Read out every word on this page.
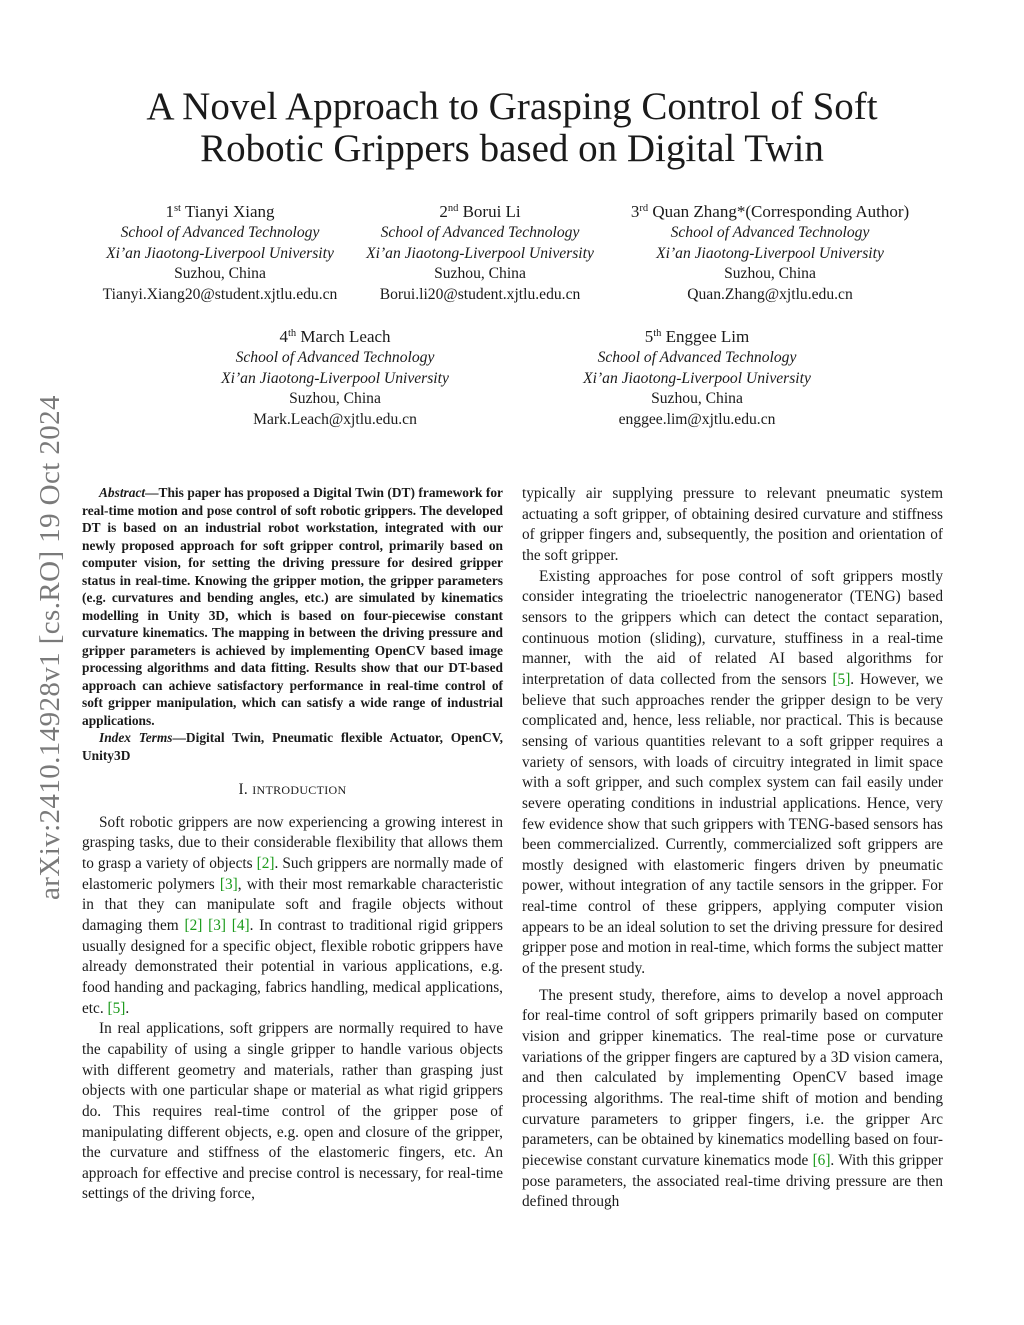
arXiv:2410.14928v1 [cs.RO] 19 Oct 2024
A Novel Approach to Grasping Control of Soft
Robotic Grippers based on Digital Twin
1st Tianyi Xiang
School of Advanced Technology
Xi’an Jiaotong-Liverpool University
Suzhou, China
Tianyi.Xiang20@student.xjtlu.edu.cn
2nd Borui Li
School of Advanced Technology
Xi’an Jiaotong-Liverpool University
Suzhou, China
Borui.li20@student.xjtlu.edu.cn
3rd Quan Zhang*(Corresponding Author)
School of Advanced Technology
Xi’an Jiaotong-Liverpool University
Suzhou, China
Quan.Zhang@xjtlu.edu.cn
4th March Leach
School of Advanced Technology
Xi’an Jiaotong-Liverpool University
Suzhou, China
Mark.Leach@xjtlu.edu.cn
5th Enggee Lim
School of Advanced Technology
Xi’an Jiaotong-Liverpool University
Suzhou, China
enggee.lim@xjtlu.edu.cn

Abstract—This paper has proposed a Digital Twin (DT) framework for real-time motion and pose control of soft robotic grippers. The developed DT is based on an industrial robot workstation, integrated with our newly proposed approach for soft gripper control, primarily based on computer vision, for setting the driving pressure for desired gripper status in real-time. Knowing the gripper motion, the gripper parameters (e.g. curvatures and bending angles, etc.) are simulated by kinematics modelling in Unity 3D, which is based on four-piecewise constant curvature kinematics. The mapping in between the driving pressure and gripper parameters is achieved by implementing OpenCV based image processing algorithms and data fitting. Results show that our DT-based approach can achieve satisfactory performance in real-time control of soft gripper manipulation, which can satisfy a wide range of industrial applications.

Index Terms—Digital Twin, Pneumatic flexible Actuator, OpenCV, Unity3D

I. INTRODUCTION

Soft robotic grippers are now experiencing a growing interest in grasping tasks, due to their considerable flexibility that allows them to grasp a variety of objects [2]. Such grippers are normally made of elastomeric polymers [3], with their most remarkable characteristic in that they can manipulate soft and fragile objects without damaging them [2] [3] [4]. In contrast to traditional rigid grippers usually designed for a specific object, flexible robotic grippers have already demonstrated their potential in various applications, e.g. food handing and packaging, fabrics handling, medical applications, etc. [5].

In real applications, soft grippers are normally required to have the capability of using a single gripper to handle various objects with different geometry and materials, rather than grasping just objects with one particular shape or material as what rigid grippers do. This requires real-time control of the gripper pose of manipulating different objects, e.g. open and closure of the gripper, the curvature and stiffness of the elastomeric fingers, etc. An approach for effective and precise control is necessary, for real-time settings of the driving force,

typically air supplying pressure to relevant pneumatic system actuating a soft gripper, of obtaining desired curvature and stiffness of gripper fingers and, subsequently, the position and orientation of the soft gripper.

Existing approaches for pose control of soft grippers mostly consider integrating the trioelectric nanogenerator (TENG) based sensors to the grippers which can detect the contact separation, continuous motion (sliding), curvature, stuffiness in a real-time manner, with the aid of related AI based algorithms for interpretation of data collected from the sensors [5]. However, we believe that such approaches render the gripper design to be very complicated and, hence, less reliable, nor practical. This is because sensing of various quantities relevant to a soft gripper requires a variety of sensors, with loads of circuitry integrated in limit space with a soft gripper, and such complex system can fail easily under severe operating conditions in industrial applications. Hence, very few evidence show that such grippers with TENG-based sensors has been commercialized. Currently, commercialized soft grippers are mostly designed with elastomeric fingers driven by pneumatic power, without integration of any tactile sensors in the gripper. For real-time control of these grippers, applying computer vision appears to be an ideal solution to set the driving pressure for desired gripper pose and motion in real-time, which forms the subject matter of the present study.

The present study, therefore, aims to develop a novel approach for real-time control of soft grippers primarily based on computer vision and gripper kinematics. The real-time pose or curvature variations of the gripper fingers are captured by a 3D vision camera, and then calculated by implementing OpenCV based image processing algorithms. The real-time shift of motion and bending curvature parameters to gripper fingers, i.e. the gripper Arc parameters, can be obtained by kinematics modelling based on four-piecewise constant curvature kinematics mode [6]. With this gripper pose parameters, the associated real-time driving pressure are then defined through
